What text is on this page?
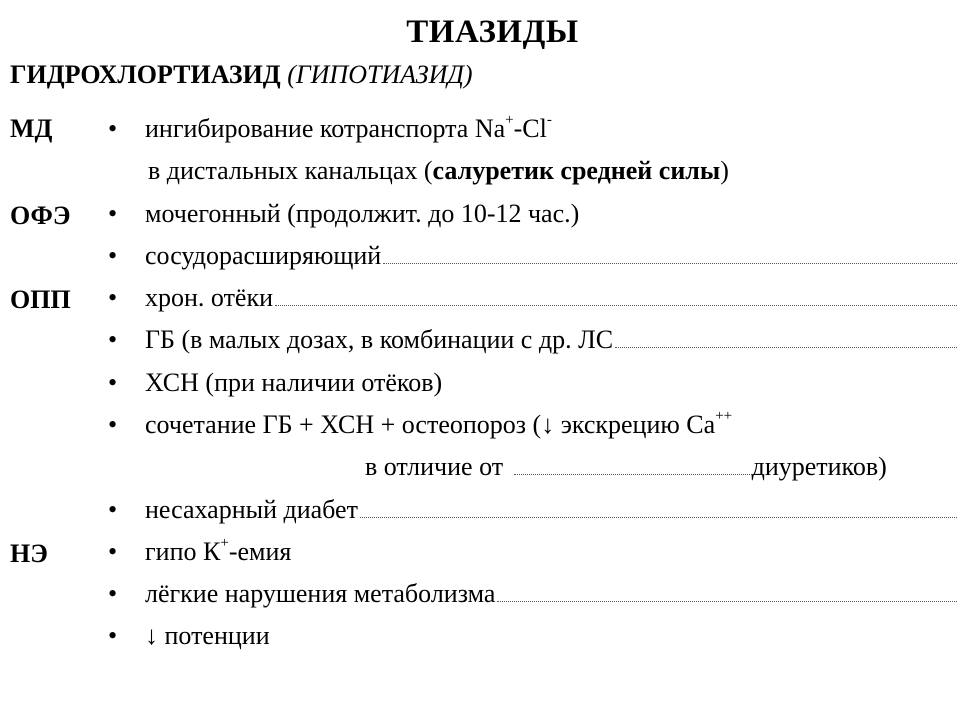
ТИАЗИДЫ
ГИДРОХЛОРТИАЗИД (ГИПОТИАЗИД)
МД
ОФЭ
ОПП
НЭ
•
•
•
•
•
•
•
•
•
•
•
ингибирование котранспорта Na+-Cl-
в дистальных канальцах (салуретик средней силы)
мочегонный (продолжит. до 10-12 час.)
сосудорасширяющий
хрон. отёки
ГБ (в малых дозах, в комбинации с др. ЛС
ХСН (при наличии отёков)
сочетание ГБ + ХСН + остеопороз (↓ экскрецию Ca++
в отличие от	диуретиков)
несахарный диабет
гипо К+-емия
лёгкие нарушения метаболизма
↓ потенции
